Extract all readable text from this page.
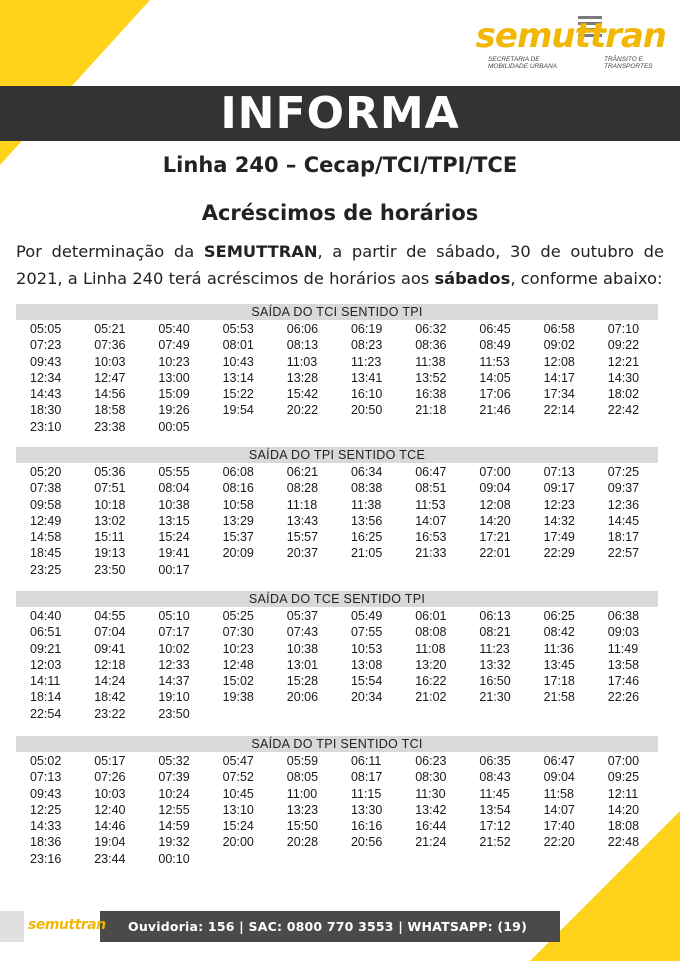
semuttran
SECRETARIA DE
MOBILIDADE URBANA
TRÂNSITO E
TRANSPORTES
INFORMA
Linha 240 – Cecap/TCI/TPI/TCE
Acréscimos de horários
Por determinação da SEMUTTRAN, a partir de sábado, 30 de outubro de 2021, a Linha 240 terá acréscimos de horários aos sábados, conforme abaixo:
SAÍDA DO TCI SENTIDO TPI
05:05	05:21	05:40	05:53	06:06	06:19	06:32	06:45	06:58	07:10
07:23	07:36	07:49	08:01	08:13	08:23	08:36	08:49	09:02	09:22
09:43	10:03	10:23	10:43	11:03	11:23	11:38	11:53	12:08	12:21
12:34	12:47	13:00	13:14	13:28	13:41	13:52	14:05	14:17	14:30
14:43	14:56	15:09	15:22	15:42	16:10	16:38	17:06	17:34	18:02
18:30	18:58	19:26	19:54	20:22	20:50	21:18	21:46	22:14	22:42
23:10	23:38	00:05
SAÍDA DO TPI SENTIDO TCE
05:20	05:36	05:55	06:08	06:21	06:34	06:47	07:00	07:13	07:25
07:38	07:51	08:04	08:16	08:28	08:38	08:51	09:04	09:17	09:37
09:58	10:18	10:38	10:58	11:18	11:38	11:53	12:08	12:23	12:36
12:49	13:02	13:15	13:29	13:43	13:56	14:07	14:20	14:32	14:45
14:58	15:11	15:24	15:37	15:57	16:25	16:53	17:21	17:49	18:17
18:45	19:13	19:41	20:09	20:37	21:05	21:33	22:01	22:29	22:57
23:25	23:50	00:17
SAÍDA DO TCE SENTIDO TPI
04:40	04:55	05:10	05:25	05:37	05:49	06:01	06:13	06:25	06:38
06:51	07:04	07:17	07:30	07:43	07:55	08:08	08:21	08:42	09:03
09:21	09:41	10:02	10:23	10:38	10:53	11:08	11:23	11:36	11:49
12:03	12:18	12:33	12:48	13:01	13:08	13:20	13:32	13:45	13:58
14:11	14:24	14:37	15:02	15:28	15:54	16:22	16:50	17:18	17:46
18:14	18:42	19:10	19:38	20:06	20:34	21:02	21:30	21:58	22:26
22:54	23:22	23:50
SAÍDA DO TPI SENTIDO TCI
05:02	05:17	05:32	05:47	05:59	06:11	06:23	06:35	06:47	07:00
07:13	07:26	07:39	07:52	08:05	08:17	08:30	08:43	09:04	09:25
09:43	10:03	10:24	10:45	11:00	11:15	11:30	11:45	11:58	12:11
12:25	12:40	12:55	13:10	13:23	13:30	13:42	13:54	14:07	14:20
14:33	14:46	14:59	15:24	15:50	16:16	16:44	17:12	17:40	18:08
18:36	19:04	19:32	20:00	20:28	20:56	21:24	21:52	22:20	22:48
23:16	23:44	00:10
semuttran Ouvidoria: 156 | SAC: 0800 770 3553 | WHATSAPP: (19) 98284-2775
